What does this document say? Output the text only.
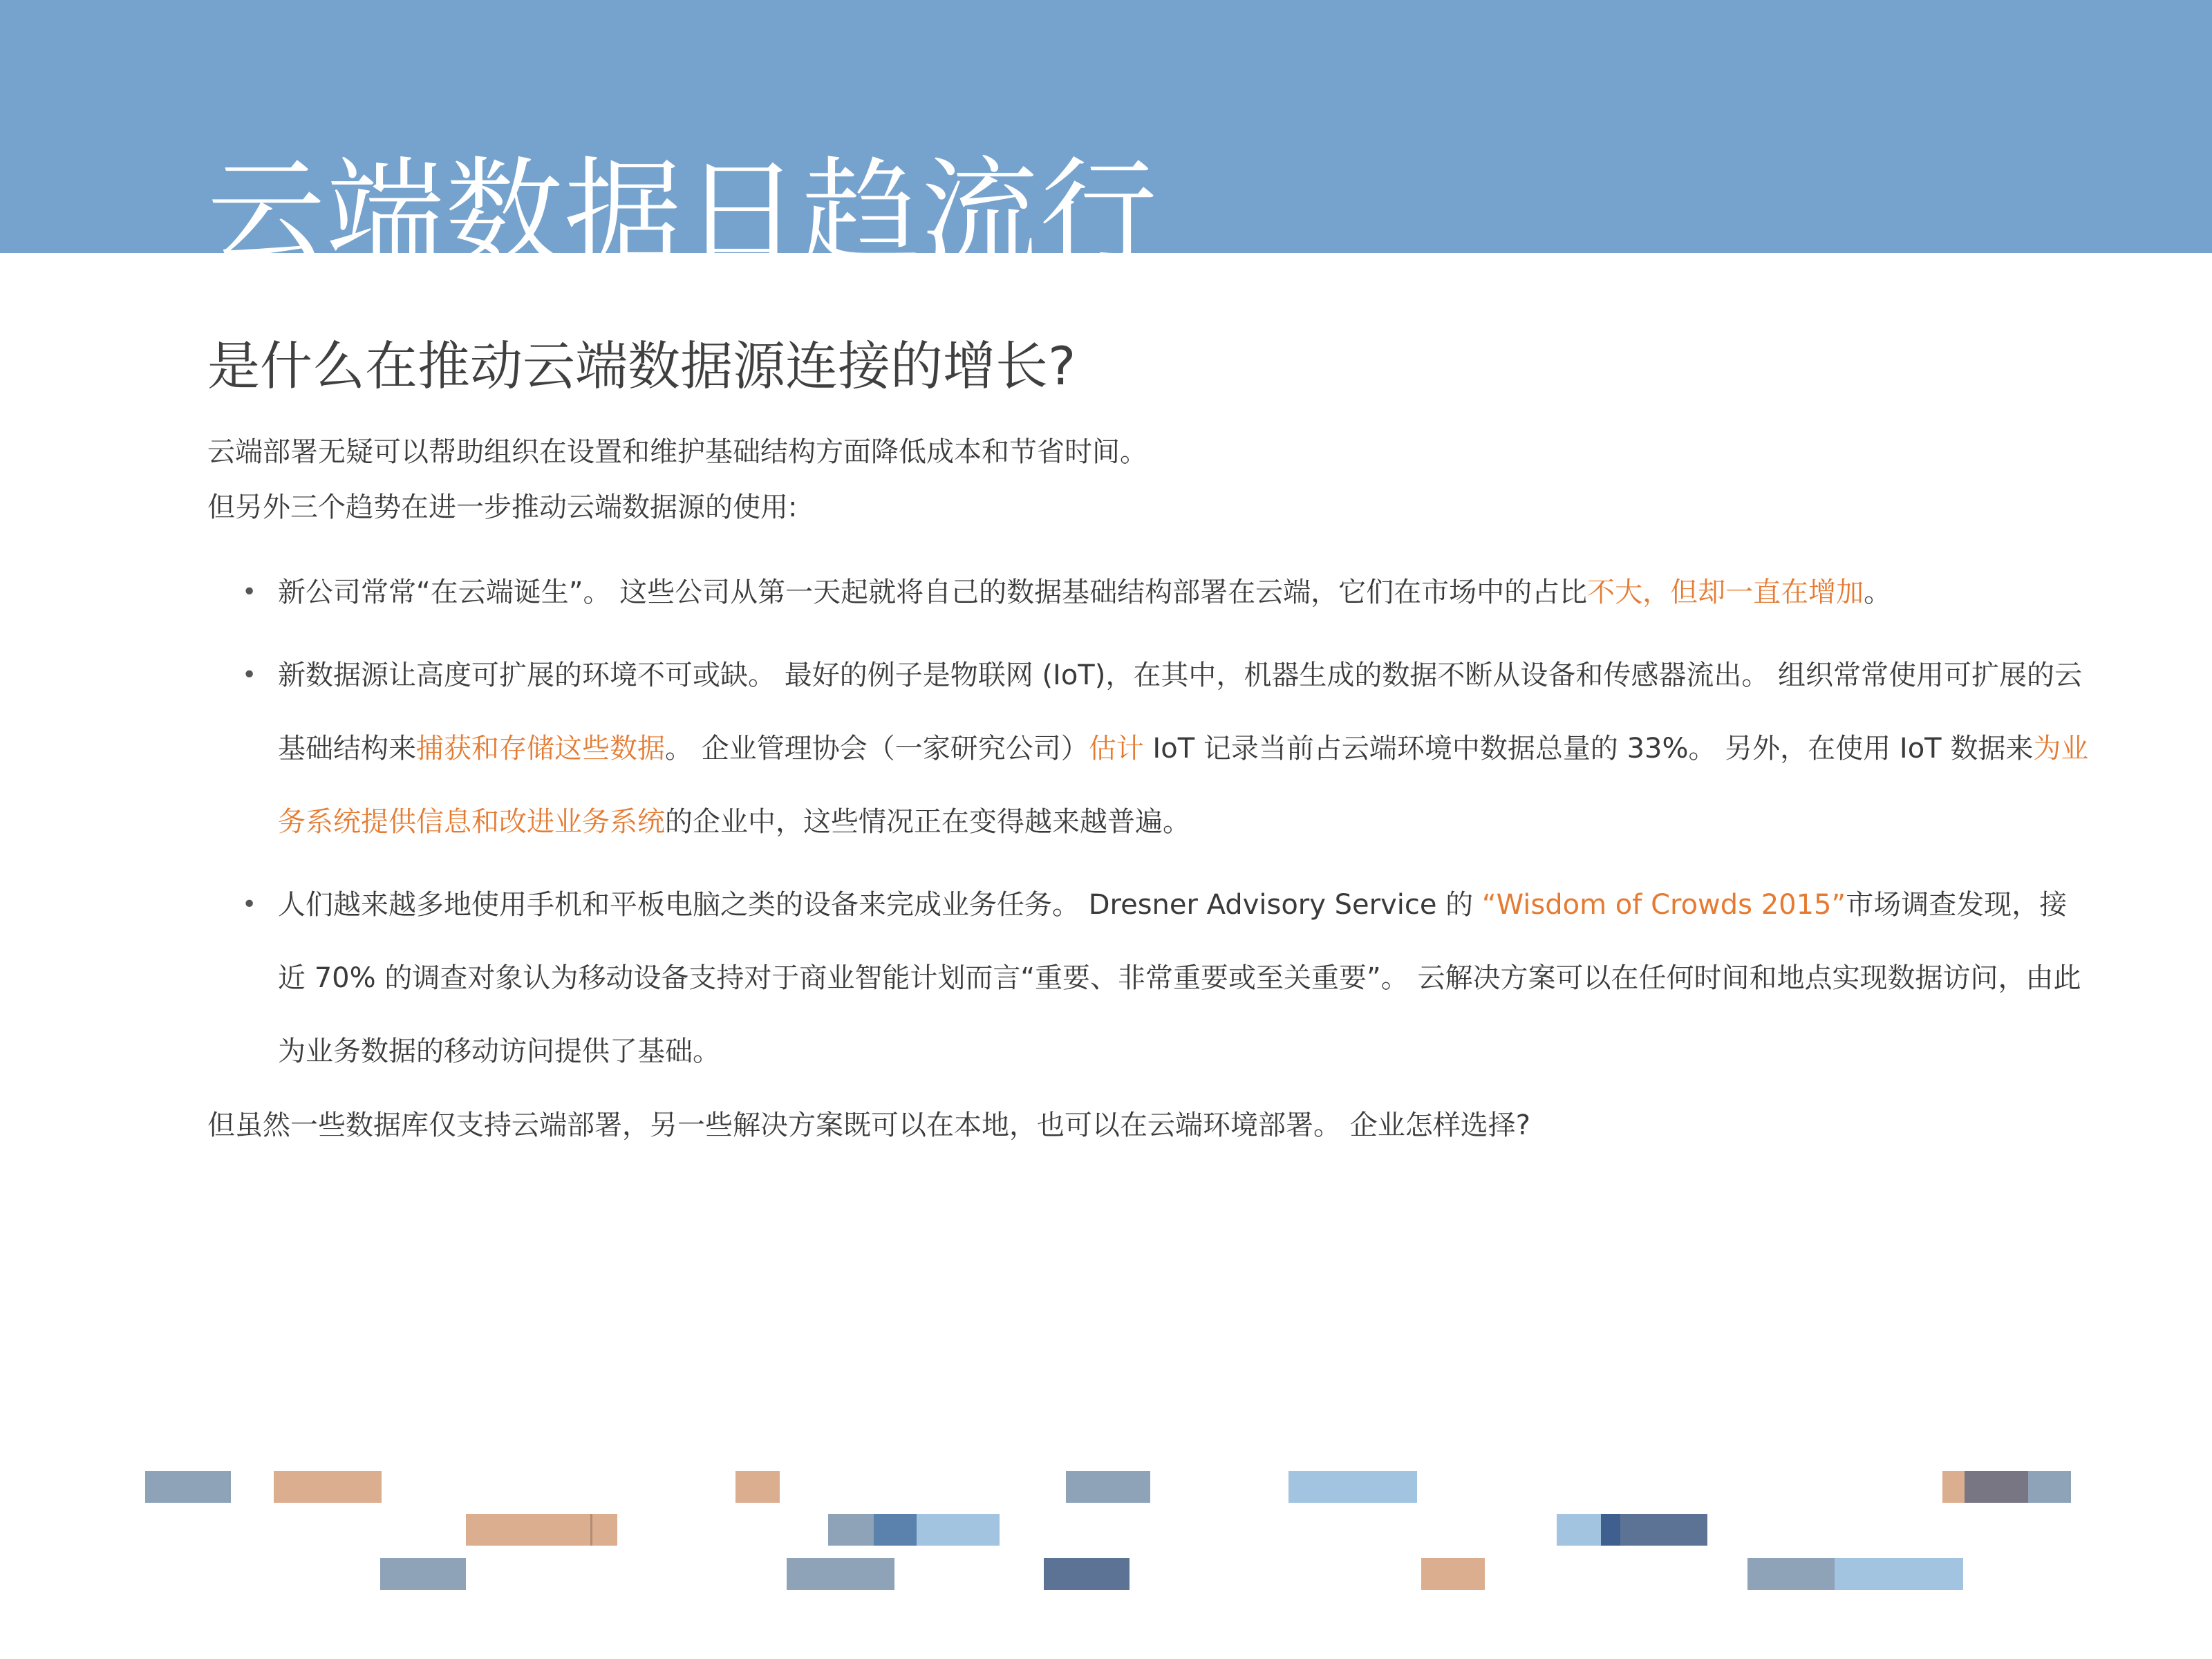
云端数据日趋流行
是什么在推动云端数据源连接的增长?

云端部署无疑可以帮助组织在设置和维护基础结构方面降低成本和节省时间。

但另外三个趋势在进一步推动云端数据源的使用:

• 新公司常常“在云端诞生”。 这些公司从第一天起就将自己的数据基础结构部署在云端，它们在市场中的占比不大，但却一直在增加。
• 新数据源让高度可扩展的环境不可或缺。 最好的例子是物联网 (IoT)，在其中，机器生成的数据不断从设备和传感器流出。 组织常常使用可扩展的云基础结构来捕获和存储这些数据。 企业管理协会（一家研究公司）估计 IoT 记录当前占云端环境中数据总量的 33%。 另外，在使用 IoT 数据来为业务系统提供信息和改进业务系统的企业中，这些情况正在变得越来越普遍。
• 人们越来越多地使用手机和平板电脑之类的设备来完成业务任务。 Dresner Advisory Service 的 “Wisdom of Crowds 2015”市场调查发现，接近 70% 的调查对象认为移动设备支持对于商业智能计划而言“重要、非常重要或至关重要”。 云解决方案可以在任何时间和地点实现数据访问，由此为业务数据的移动访问提供了基础。

但虽然一些数据库仅支持云端部署，另一些解决方案既可以在本地，也可以在云端环境部署。 企业怎样选择?
